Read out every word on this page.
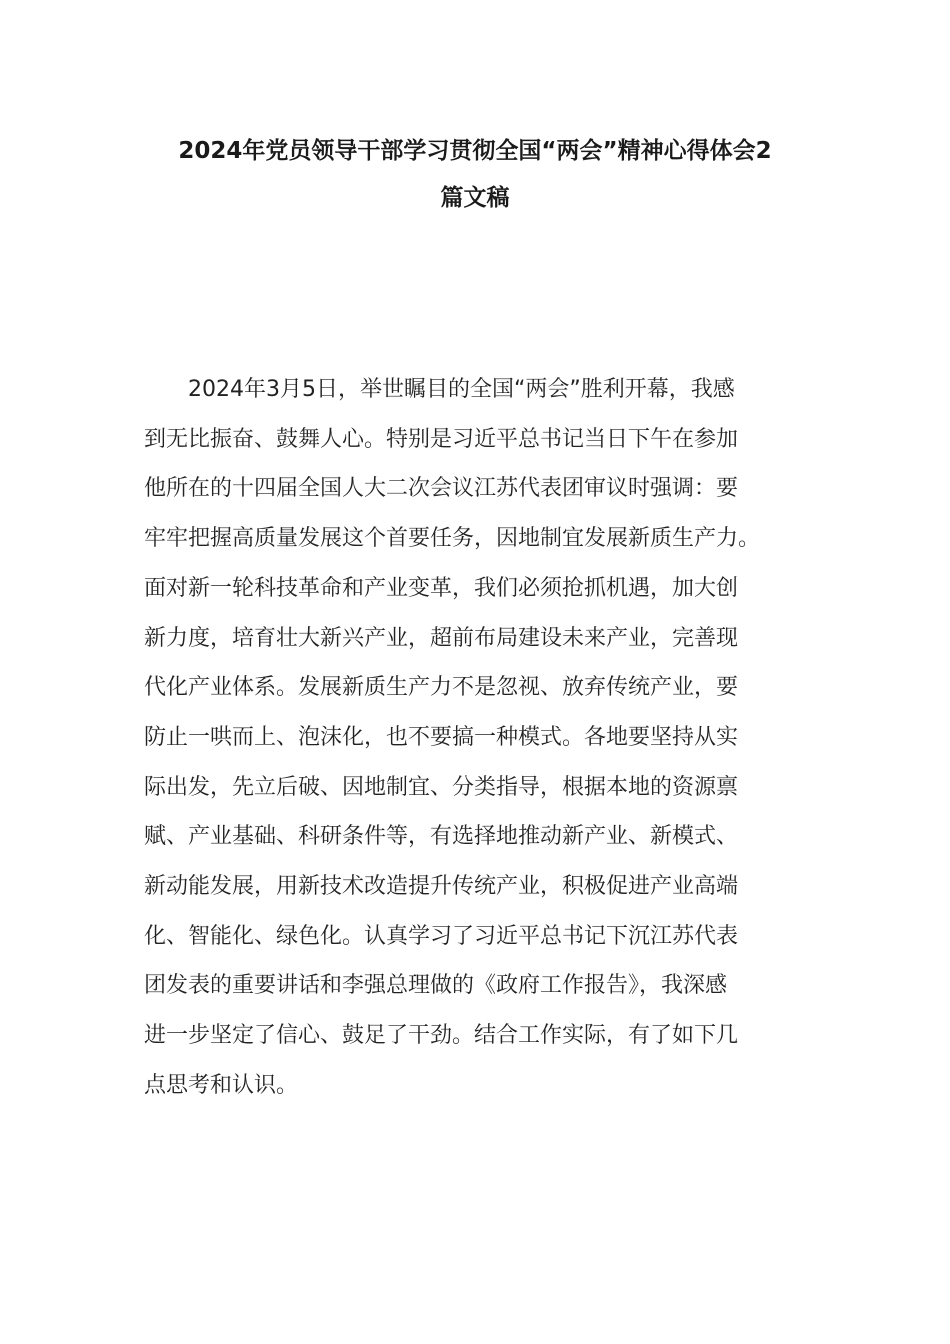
2024年党员领导干部学习贯彻全国“两会”精神心得体会2
篇文稿

2024年3月5日，举世瞩目的全国“两会”胜利开幕，我感
到无比振奋、鼓舞人心。特别是习近平总书记当日下午在参加
他所在的十四届全国人大二次会议江苏代表团审议时强调：要
牢牢把握高质量发展这个首要任务，因地制宜发展新质生产力。
面对新一轮科技革命和产业变革，我们必须抢抓机遇，加大创
新力度，培育壮大新兴产业，超前布局建设未来产业，完善现
代化产业体系。发展新质生产力不是忽视、放弃传统产业，要
防止一哄而上、泡沫化，也不要搞一种模式。各地要坚持从实
际出发，先立后破、因地制宜、分类指导，根据本地的资源禀
赋、产业基础、科研条件等，有选择地推动新产业、新模式、
新动能发展，用新技术改造提升传统产业，积极促进产业高端
化、智能化、绿色化。认真学习了习近平总书记下沉江苏代表
团发表的重要讲话和李强总理做的《政府工作报告》，我深感
进一步坚定了信心、鼓足了干劲。结合工作实际，有了如下几
点思考和认识。
